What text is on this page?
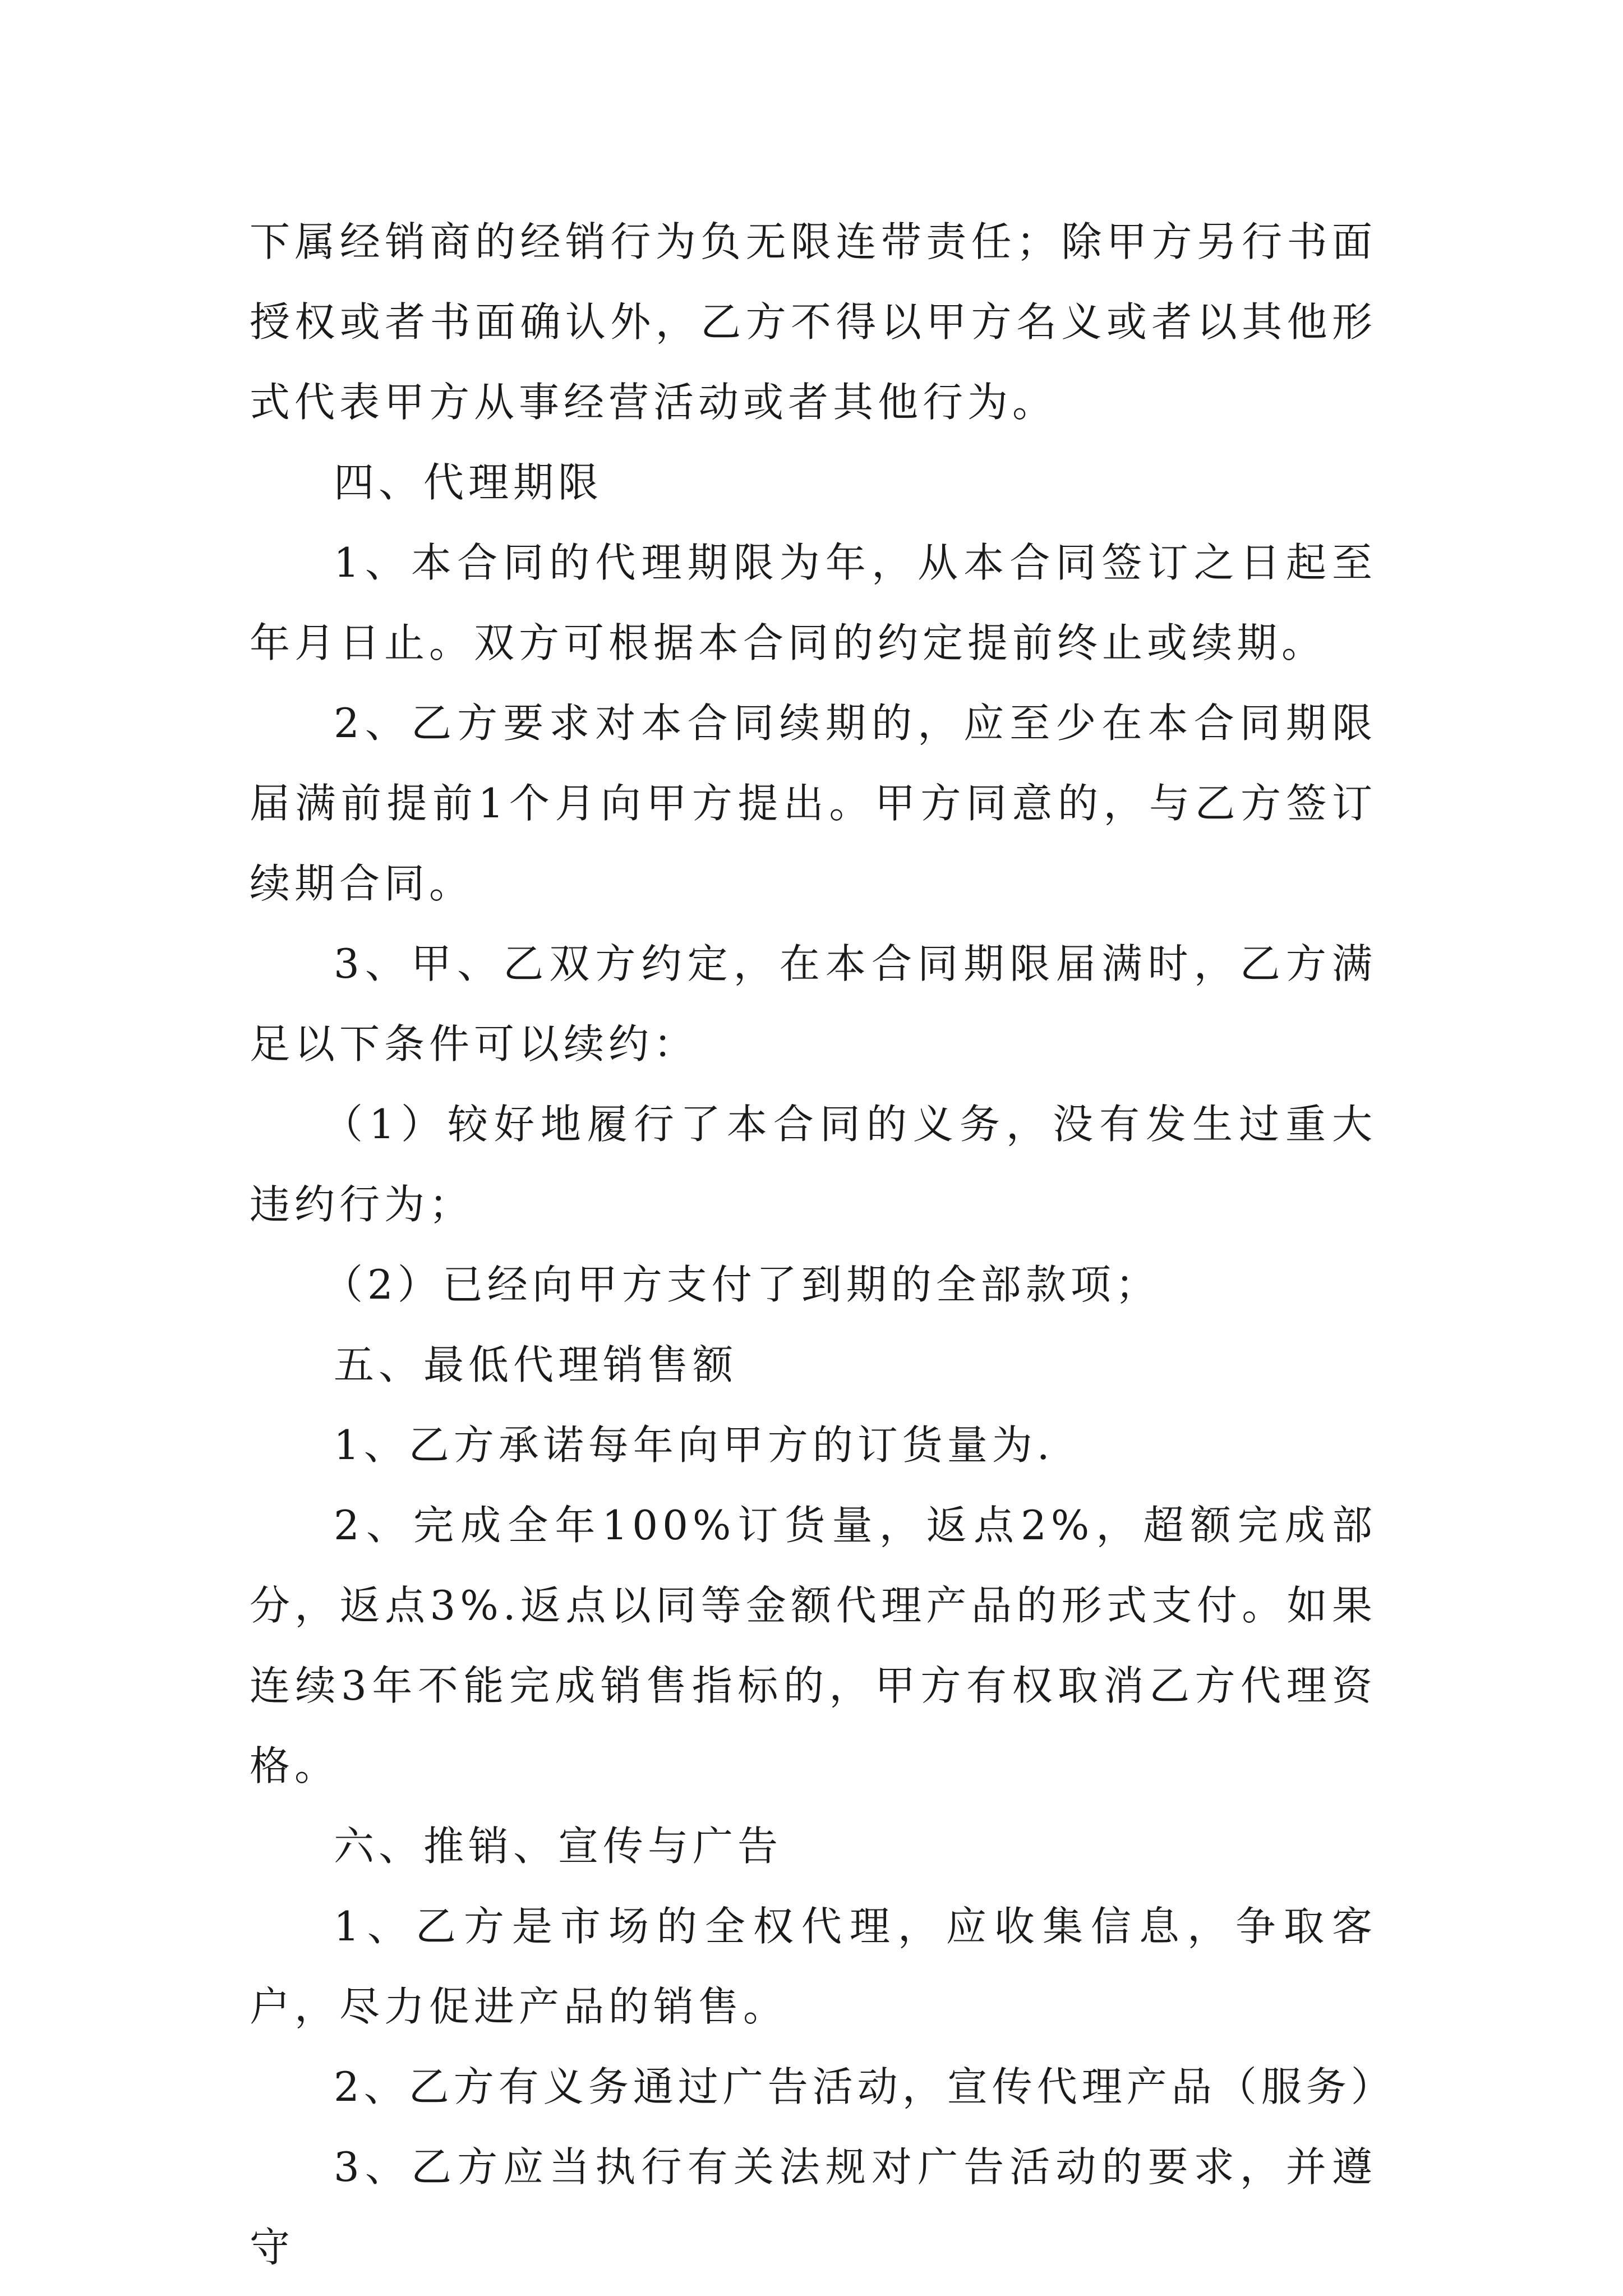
下属经销商的经销行为负无限连带责任；除甲方另行书面授权或者书面确认外，乙方不得以甲方名义或者以其他形式代表甲方从事经营活动或者其他行为。

四、代理期限

1、本合同的代理期限为年，从本合同签订之日起至年月日止。双方可根据本合同的约定提前终止或续期。

2、乙方要求对本合同续期的，应至少在本合同期限届满前提前1个月向甲方提出。甲方同意的，与乙方签订续期合同。

3、甲、乙双方约定，在本合同期限届满时，乙方满足以下条件可以续约：

（1）较好地履行了本合同的义务，没有发生过重大违约行为；

（2）已经向甲方支付了到期的全部款项；

五、最低代理销售额

1、乙方承诺每年向甲方的订货量为.

2、完成全年100%订货量，返点2%，超额完成部分，返点3%.返点以同等金额代理产品的形式支付。如果连续3年不能完成销售指标的，甲方有权取消乙方代理资格。

六、推销、宣传与广告

1、乙方是市场的全权代理，应收集信息，争取客户，尽力促进产品的销售。

2、乙方有义务通过广告活动，宣传代理产品（服务）

3、乙方应当执行有关法规对广告活动的要求，并遵守
